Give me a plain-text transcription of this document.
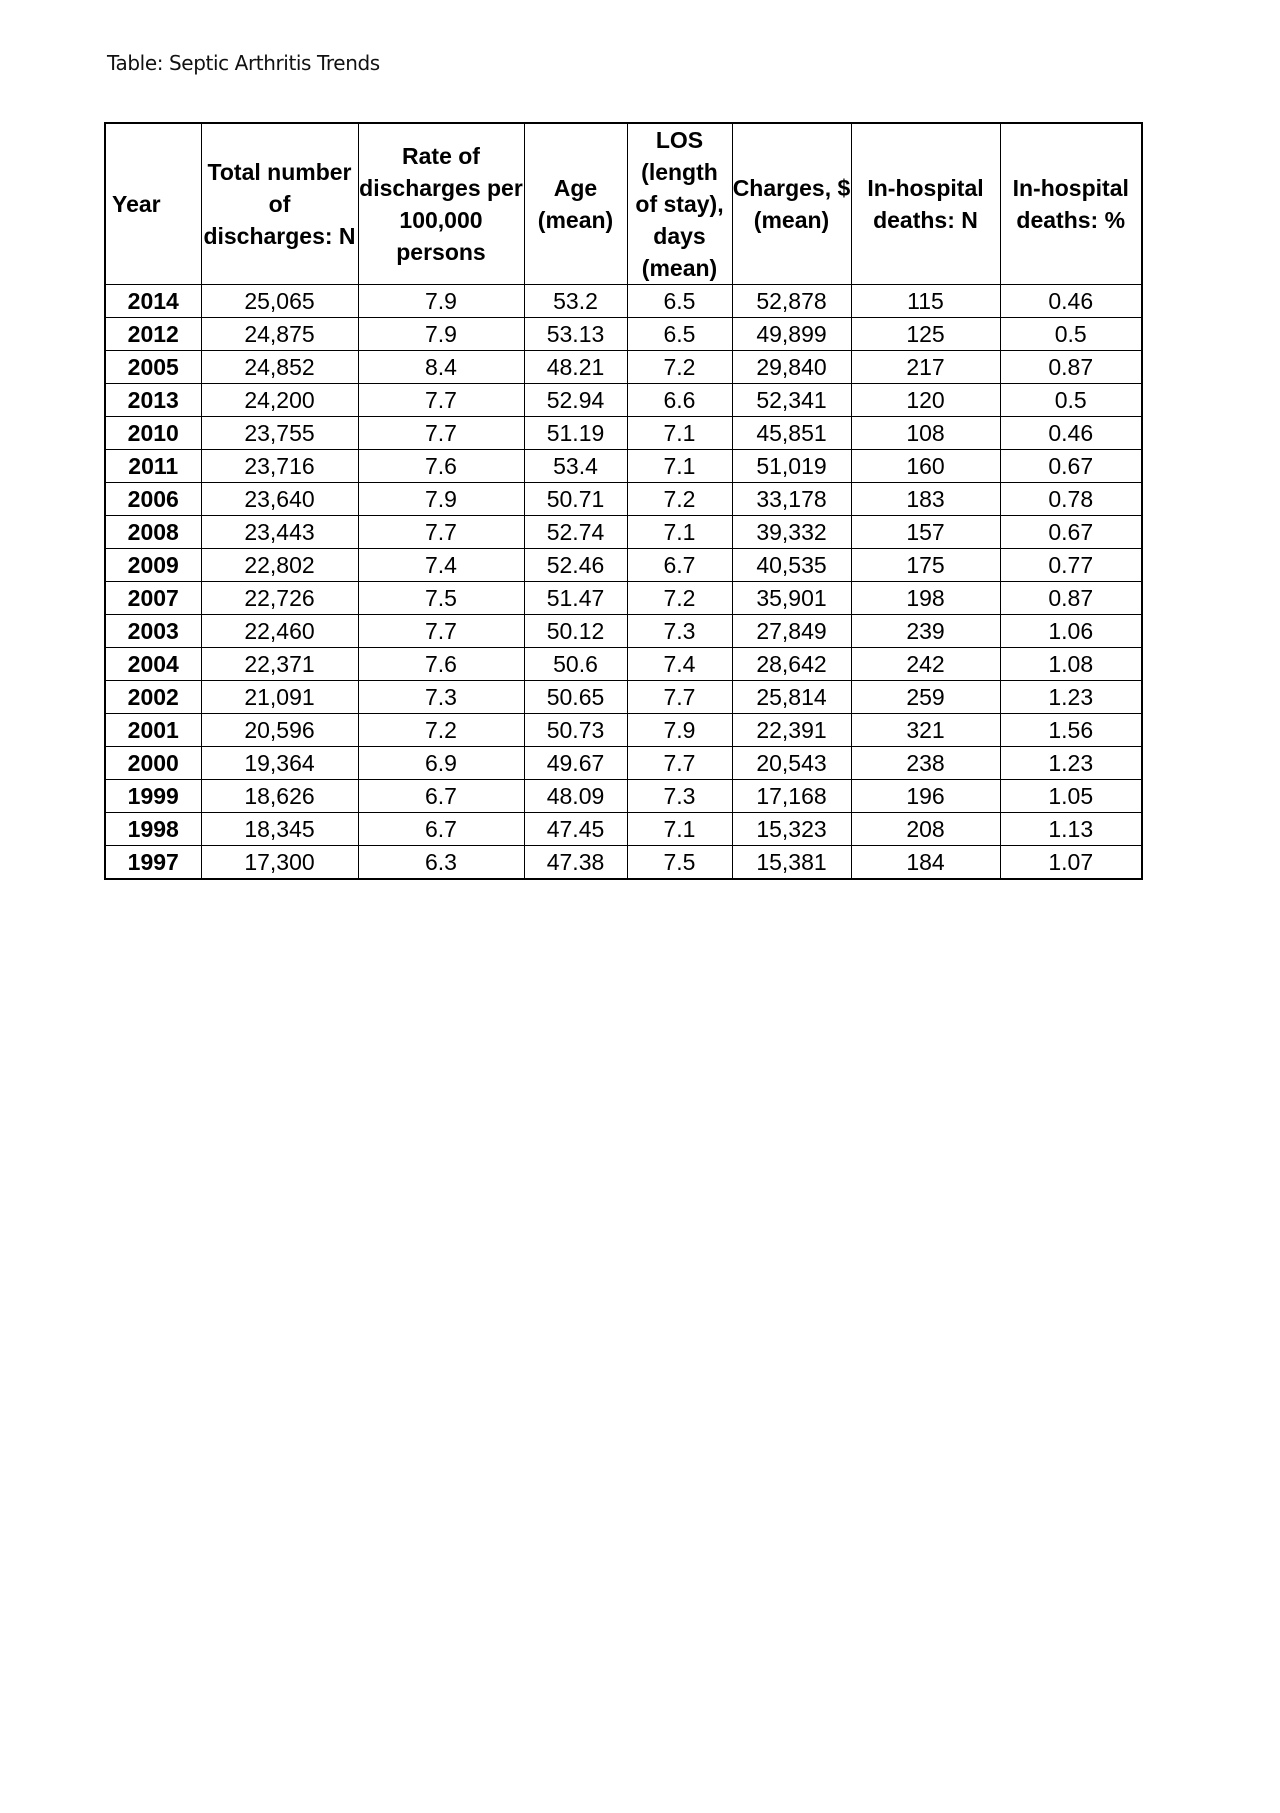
Table: Septic Arthritis Trends
Year	Total number of discharges: N	Rate of discharges per 100,000 persons	Age (mean)	LOS (length of stay), days (mean)	Charges, $ (mean)	In-hospital deaths: N	In-hospital deaths: %
2014	25,065	7.9	53.2	6.5	52,878	115	0.46
2012	24,875	7.9	53.13	6.5	49,899	125	0.5
2005	24,852	8.4	48.21	7.2	29,840	217	0.87
2013	24,200	7.7	52.94	6.6	52,341	120	0.5
2010	23,755	7.7	51.19	7.1	45,851	108	0.46
2011	23,716	7.6	53.4	7.1	51,019	160	0.67
2006	23,640	7.9	50.71	7.2	33,178	183	0.78
2008	23,443	7.7	52.74	7.1	39,332	157	0.67
2009	22,802	7.4	52.46	6.7	40,535	175	0.77
2007	22,726	7.5	51.47	7.2	35,901	198	0.87
2003	22,460	7.7	50.12	7.3	27,849	239	1.06
2004	22,371	7.6	50.6	7.4	28,642	242	1.08
2002	21,091	7.3	50.65	7.7	25,814	259	1.23
2001	20,596	7.2	50.73	7.9	22,391	321	1.56
2000	19,364	6.9	49.67	7.7	20,543	238	1.23
1999	18,626	6.7	48.09	7.3	17,168	196	1.05
1998	18,345	6.7	47.45	7.1	15,323	208	1.13
1997	17,300	6.3	47.38	7.5	15,381	184	1.07
